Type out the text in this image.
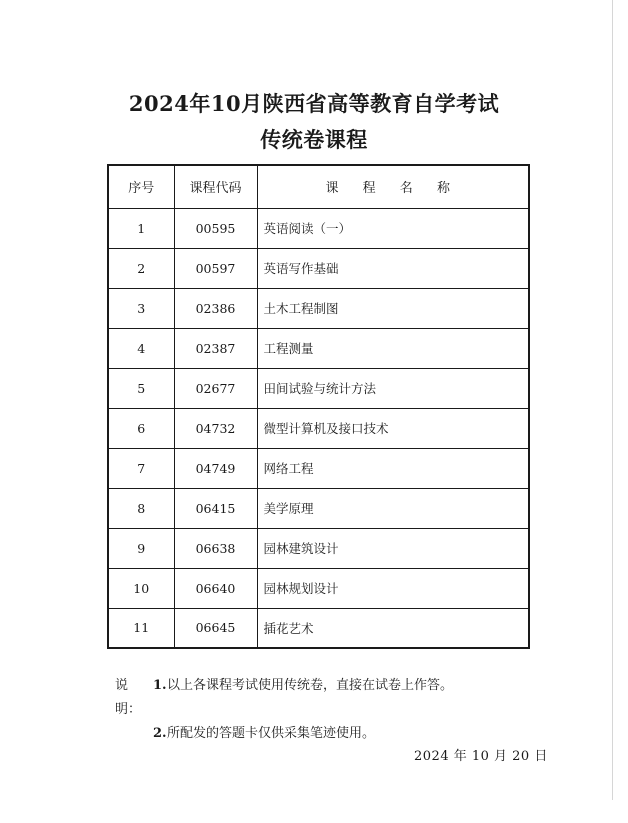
2024年10月陕西省高等教育自学考试
传统卷课程
序号	课程代码	课 程 名 称
1	00595	英语阅读（一）
2	00597	英语写作基础
3	02386	土木工程制图
4	02387	工程测量
5	02677	田间试验与统计方法
6	04732	微型计算机及接口技术
7	04749	网络工程
8	06415	美学原理
9	06638	园林建筑设计
10	06640	园林规划设计
11	06645	插花艺术
说明：
1. 以上各课程考试使用传统卷，直接在试卷上作答。
2. 所配发的答题卡仅供采集笔迹使用。
2024 年 10 月 20 日
